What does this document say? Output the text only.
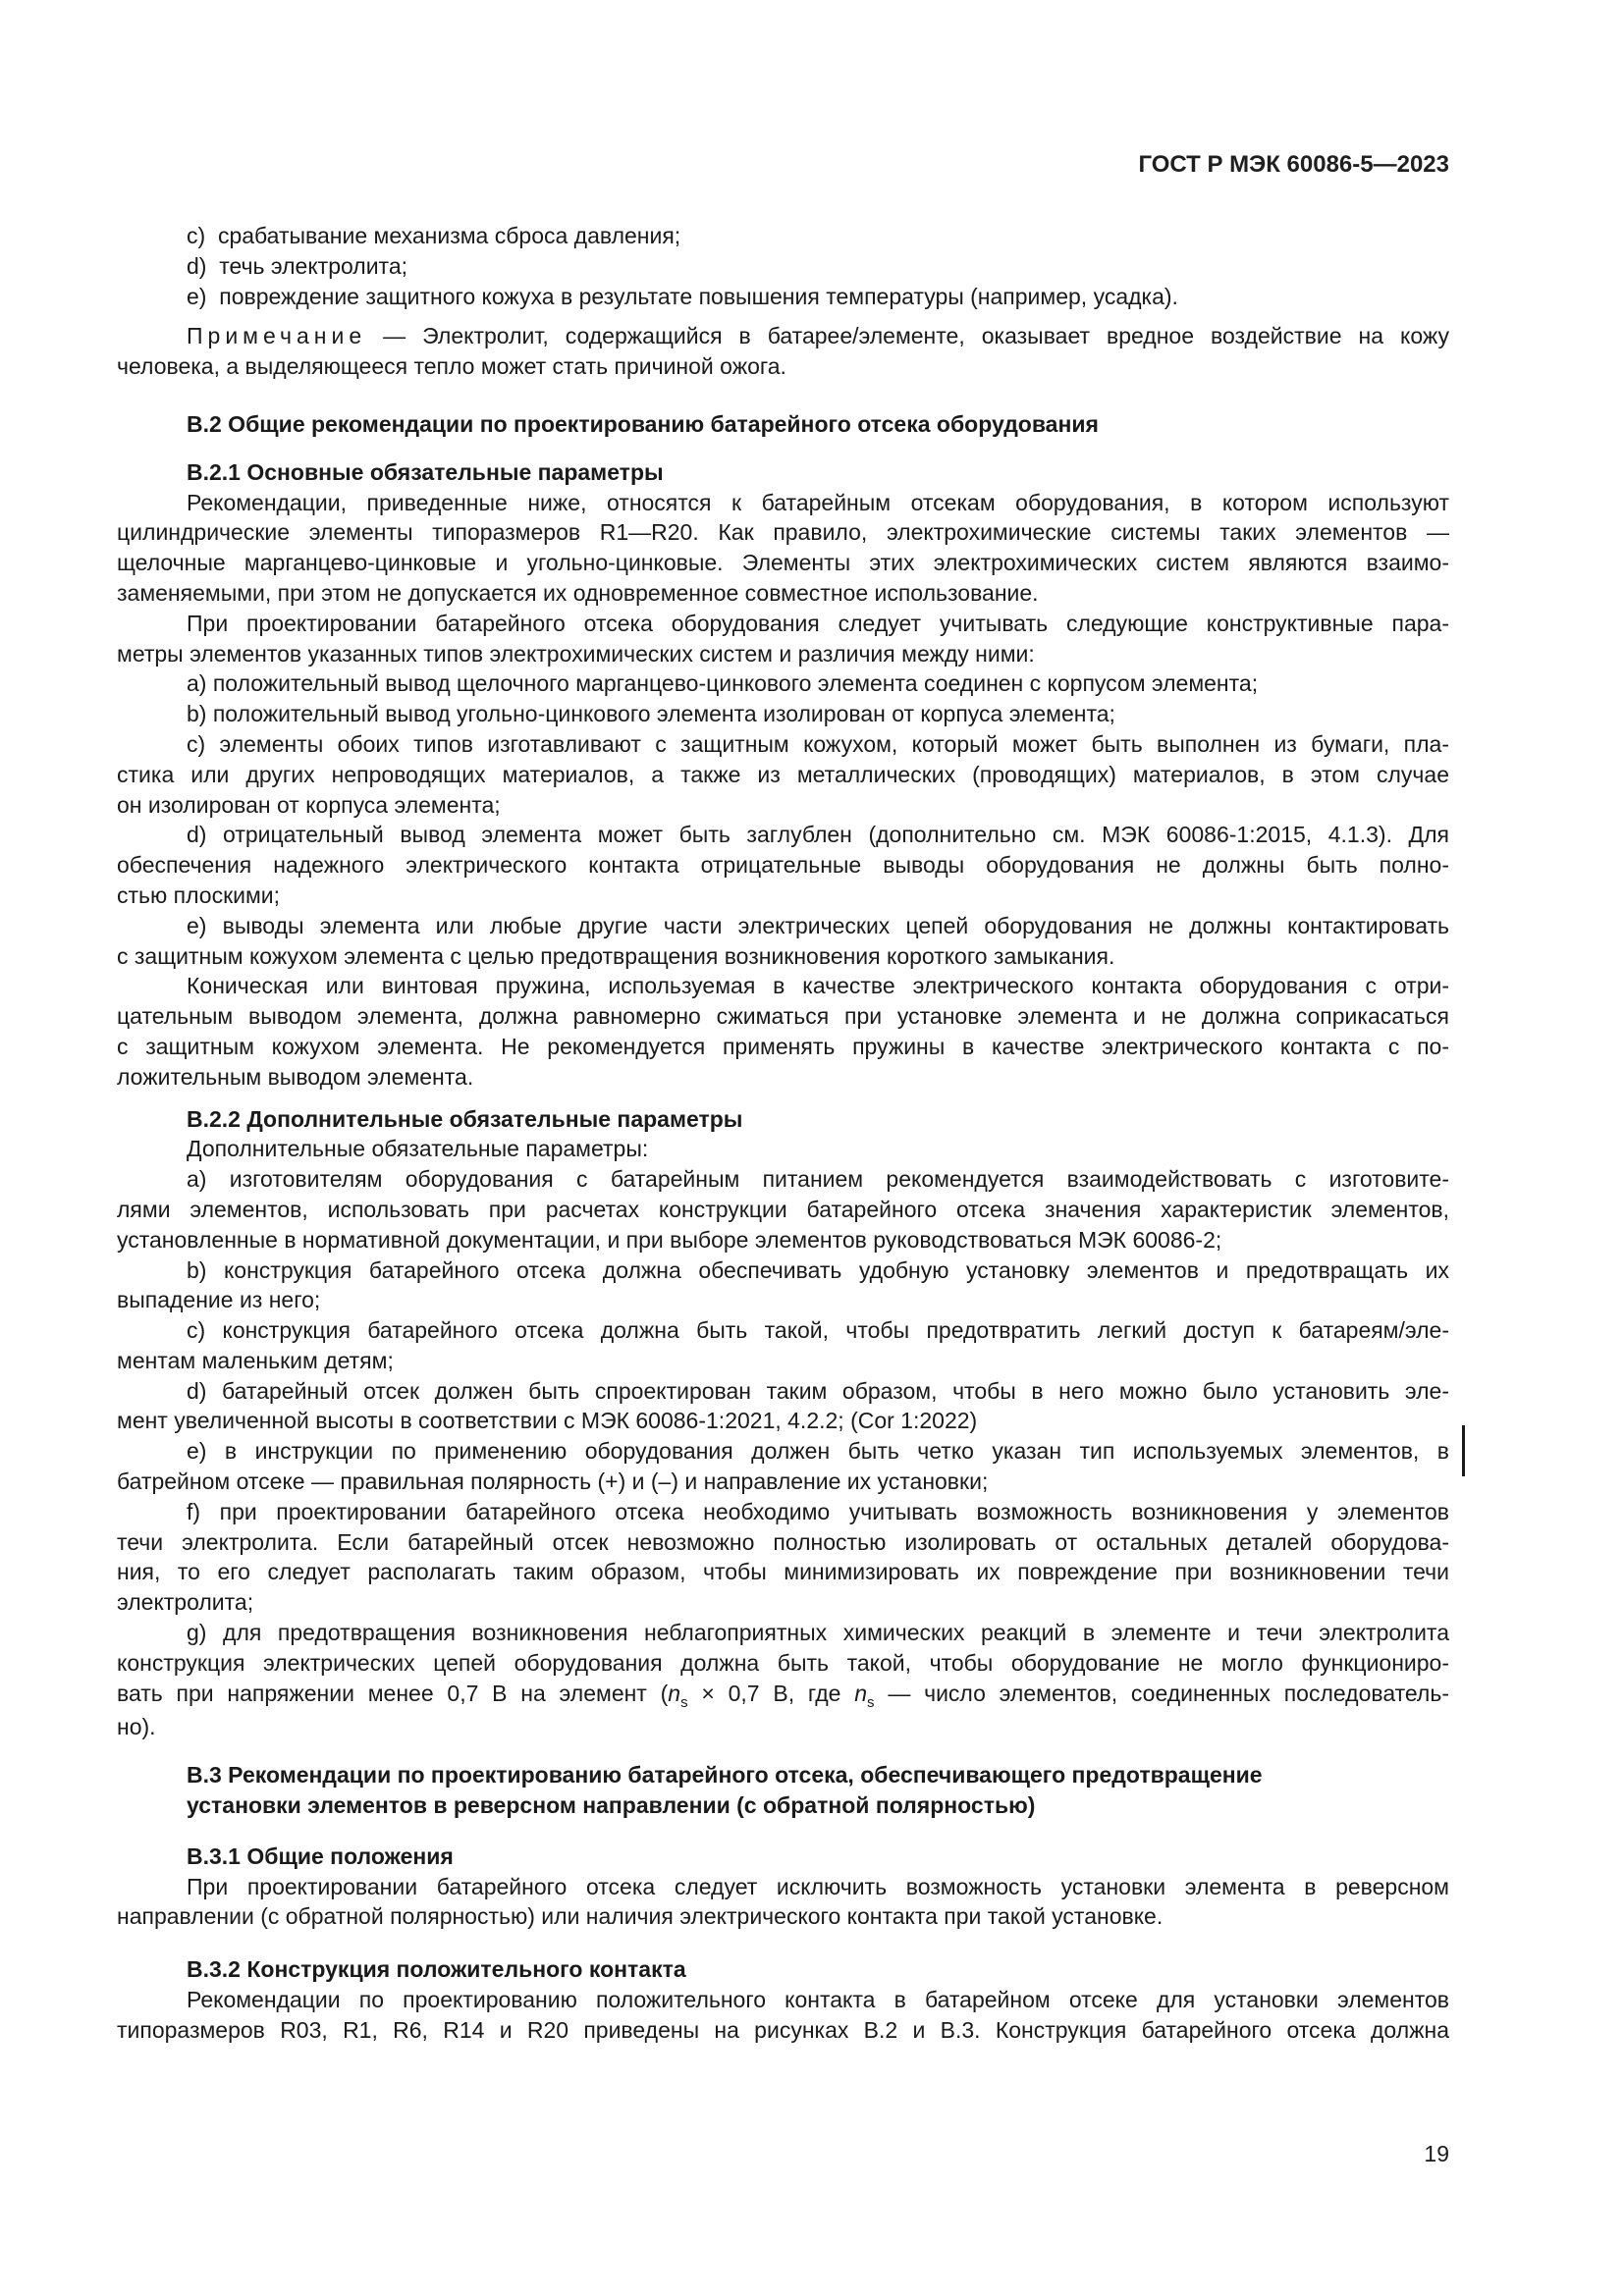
ГОСТ Р МЭК 60086-5—2023
c) срабатывание механизма сброса давления;
d) течь электролита;
e) повреждение защитного кожуха в результате повышения температуры (например, усадка).
Примечание — Электролит, содержащийся в батарее/элементе, оказывает вредное воздействие на кожу
человека, а выделяющееся тепло может стать причиной ожога.
В.2 Общие рекомендации по проектированию батарейного отсека оборудования
В.2.1 Основные обязательные параметры
Рекомендации, приведенные ниже, относятся к батарейным отсекам оборудования, в котором используют
цилиндрические элементы типоразмеров R1—R20. Как правило, электрохимические системы таких элементов —
щелочные марганцево-цинковые и угольно-цинковые. Элементы этих электрохимических систем являются взаимо-
заменяемыми, при этом не допускается их одновременное совместное использование.
При проектировании батарейного отсека оборудования следует учитывать следующие конструктивные пара-
метры элементов указанных типов электрохимических систем и различия между ними:
a) положительный вывод щелочного марганцево-цинкового элемента соединен с корпусом элемента;
b) положительный вывод угольно-цинкового элемента изолирован от корпуса элемента;
c) элементы обоих типов изготавливают с защитным кожухом, который может быть выполнен из бумаги, пла-
стика или других непроводящих материалов, а также из металлических (проводящих) материалов, в этом случае
он изолирован от корпуса элемента;
d) отрицательный вывод элемента может быть заглублен (дополнительно см. МЭК 60086-1:2015, 4.1.3). Для
обеспечения надежного электрического контакта отрицательные выводы оборудования не должны быть полно-
стью плоскими;
e) выводы элемента или любые другие части электрических цепей оборудования не должны контактировать
с защитным кожухом элемента с целью предотвращения возникновения короткого замыкания.
Коническая или винтовая пружина, используемая в качестве электрического контакта оборудования с отри-
цательным выводом элемента, должна равномерно сжиматься при установке элемента и не должна соприкасаться
с защитным кожухом элемента. Не рекомендуется применять пружины в качестве электрического контакта с по-
ложительным выводом элемента.
В.2.2 Дополнительные обязательные параметры
Дополнительные обязательные параметры:
a) изготовителям оборудования с батарейным питанием рекомендуется взаимодействовать с изготовите-
лями элементов, использовать при расчетах конструкции батарейного отсека значения характеристик элементов,
установленные в нормативной документации, и при выборе элементов руководствоваться МЭК 60086-2;
b) конструкция батарейного отсека должна обеспечивать удобную установку элементов и предотвращать их
выпадение из него;
c) конструкция батарейного отсека должна быть такой, чтобы предотвратить легкий доступ к батареям/эле-
ментам маленьким детям;
d) батарейный отсек должен быть спроектирован таким образом, чтобы в него можно было установить эле-
мент увеличенной высоты в соответствии с МЭК 60086-1:2021, 4.2.2; (Cor 1:2022)
e) в инструкции по применению оборудования должен быть четко указан тип используемых элементов, в
батрейном отсеке — правильная полярность (+) и (–) и направление их установки;
f) при проектировании батарейного отсека необходимо учитывать возможность возникновения у элементов
течи электролита. Если батарейный отсек невозможно полностью изолировать от остальных деталей оборудова-
ния, то его следует располагать таким образом, чтобы минимизировать их повреждение при возникновении течи
электролита;
g) для предотвращения возникновения неблагоприятных химических реакций в элементе и течи электролита
конструкция электрических цепей оборудования должна быть такой, чтобы оборудование не могло функциониро-
вать при напряжении менее 0,7 В на элемент ($n_s \times 0,7$ В, где $n_s$ — число элементов, соединенных последователь-
но).
В.3 Рекомендации по проектированию батарейного отсека, обеспечивающего предотвращение
установки элементов в реверсном направлении (с обратной полярностью)
В.3.1 Общие положения
При проектировании батарейного отсека следует исключить возможность установки элемента в реверсном
направлении (с обратной полярностью) или наличия электрического контакта при такой установке.
В.3.2 Конструкция положительного контакта
Рекомендации по проектированию положительного контакта в батарейном отсеке для установки элементов
типоразмеров R03, R1, R6, R14 и R20 приведены на рисунках В.2 и В.3. Конструкция батарейного отсека должна
19
